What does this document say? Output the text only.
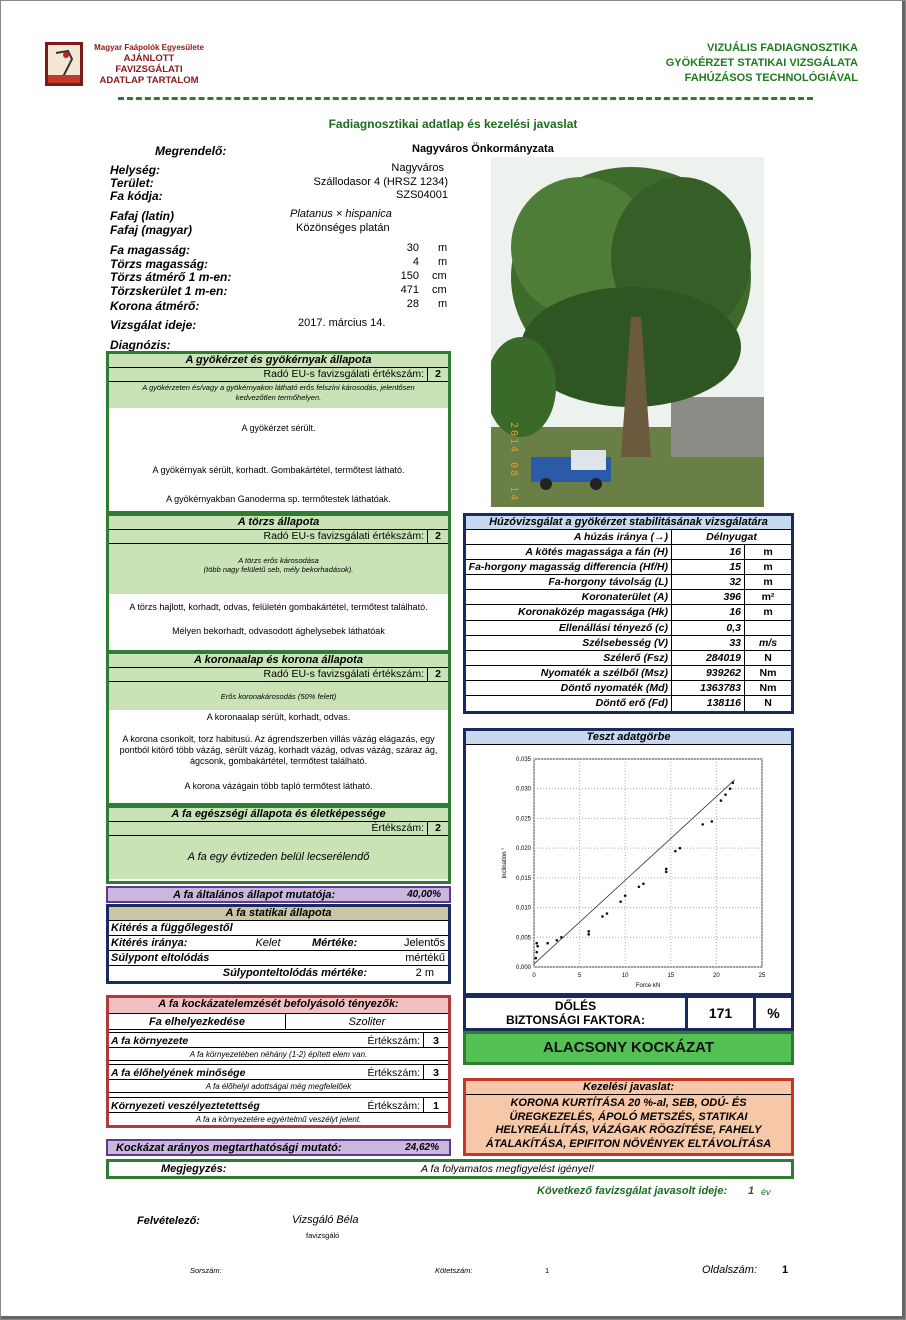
Magyar Faápolók Egyesülete
AJÁNLOTT
FAVIZSGÁLATI
ADATLAP TARTALOM
VIZUÁLIS FADIAGNOSZTIKA
GYÖKÉRZET STATIKAI VIZSGÁLATA
FAHÚZÁSOS TECHNOLÓGIÁVAL
Fadiagnosztikai adatlap és kezelési javaslat
Megrendelő:	Nagyváros Önkormányzata
Helység:	Nagyváros
Terület:	Szállodasor 4 (HRSZ 1234)
Fa kódja:	SZS04001
Fafaj (latin)	Platanus × hispanica
Fafaj (magyar)	Közönséges platán
Fa magasság:	30 m
Törzs magasság:	4 m
Törzs átmérő 1 m-en:	150 cm
Törzskerület 1 m-en:	471 cm
Korona átmérő:	28 m
Vizsgálat ideje:	2017. március 14.
Diagnózis:
2014 08 14
A gyökérzet és gyökérnyak állapota
Radó EU-s favizsgálati értékszám:	2
A gyökérzeten és/vagy a gyökérnyakon látható erős felszíni károsodás, jelentősen kedvezőtlen termőhelyen.
A gyökérzet sérült.
A gyökérnyak sérült, korhadt. Gombakártétel, termőtest látható.
A gyökérnyakban Ganoderma sp. termőtestek láthatóak.
A törzs állapota
Radó EU-s favizsgálati értékszám:	2
A törzs erős károsodása
(több nagy felületű seb, mély bekorhadások).
A törzs hajlott, korhadt, odvas, felületén gombakártétel, termőtest található.
Mélyen bekorhadt, odvasodott ághelysebek láthatóak
A koronaalap és korona állapota
Radó EU-s favizsgálati értékszám:	2
Erős koronakárosodás (50% felett)
A koronaalap sérült, korhadt, odvas.
A korona csonkolt, torz habitusú. Az ágrendszerben villás vázág elágazás, egy pontból kitörő több vázág, sérült vázág, korhadt vázág, odvas vázág, száraz ág, ágcsonk, gombakártétel, termőtest található.
A korona vázágain több tapló termőtest látható.
A fa egészségi állapota és életképessége
Értékszám:	2
A fa egy évtizeden belül lecserélendő
A fa általános állapot mutatója:	40,00%
A fa statikai állapota
Kitérés a függőlegestől
Kitérés iránya:	Kelet	Mértéke:	Jelentős mértékű
Súlypont eltolódás
Súlyponteltolódás mértéke:	2 m
A fa kockázatelemzését befolyásoló tényezők:
Fa elhelyezkedése	Szoliter
A fa környezete	Értékszám:	3
A fa környezetében néhány (1-2) épített elem van.
A fa élőhelyének minősége	Értékszám:	3
A fa élőhelyi adottságai még megfelelőek
Környezeti veszélyeztetettség	Értékszám:	1
A fa a környezetére egyértelmű veszélyt jelent.
Kockázat arányos megtarthatósági mutató:	24,62%
Megjegyzés:	A fa folyamatos megfigyelést igényel!
Húzóvizsgálat a gyökérzet stabilitásának vizsgálatára
A húzás iránya (→)	Délnyugat
A kötés magassága a fán (H)	16	m
Fa-horgony magasság differencia (Hf/H)	15	m
Fa-horgony távolság (L)	32	m
Koronaterület (A)	396	m²
Koronaközép magassága (Hk)	16	m
Ellenállási tényező (c)	0,3
Szélsebesség (V)	33	m/s
Szélerő (Fsz)	284019	N
Nyomaték a szélből (Msz)	939262	Nm
Döntő nyomaték (Md)	1363783	Nm
Döntő erő (Fd)	138116	N
Teszt adatgörbe
0	5	10	15	20	25
0,000
0,005
0,010
0,015
0,020
0,025
0,030
0,035
Force kN
Inclination °
DŐLÉS
BIZTONSÁGI FAKTORA:	171	%
ALACSONY KOCKÁZAT
Kezelési javaslat:
KORONA KURTÍTÁSA 20 %-al, SEB, ODÚ- ÉS ÜREGKEZELÉS, ÁPOLÓ METSZÉS, STATIKAI HELYREÁLLÍTÁS, VÁZÁGAK RÖGZÍTÉSE, FAHELY ÁTALAKÍTÁSA, EPIFITON NÖVÉNYEK ELTÁVOLÍTÁSA
Következő favizsgálat javasolt ideje: 1 év
Felvételező:	Vizsgáló Béla
favizsgáló
Sorszám:	Kötetszám:	1	Oldalszám: 1
